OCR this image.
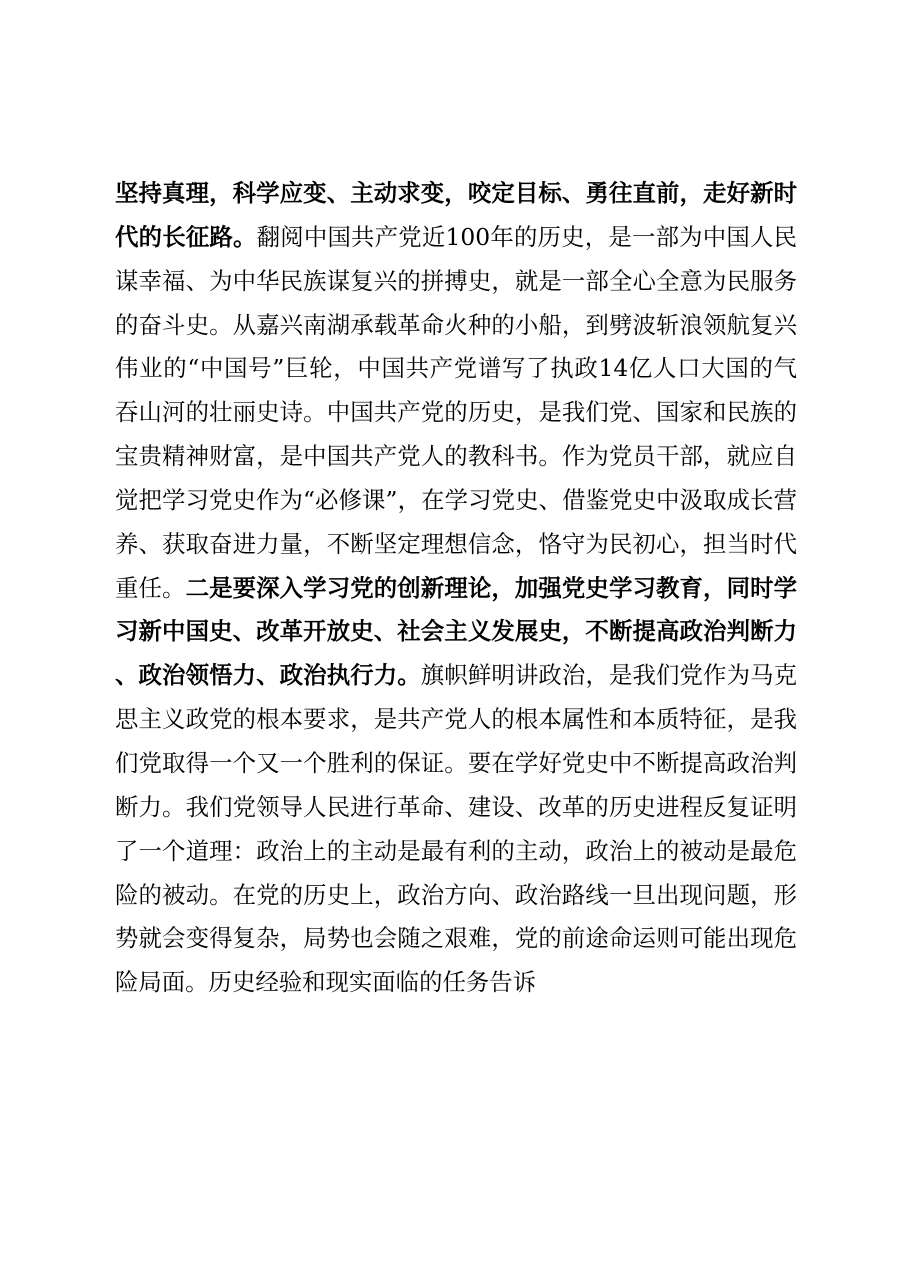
坚持真理，科学应变、主动求变，咬定目标、勇往直前，走好新时代的长征路。翻阅中国共产党近100年的历史，是一部为中国人民谋幸福、为中华民族谋复兴的拼搏史，就是一部全心全意为民服务的奋斗史。从嘉兴南湖承载革命火种的小船，到劈波斩浪领航复兴伟业的“中国号”巨轮，中国共产党谱写了执政14亿人口大国的气吞山河的壮丽史诗。中国共产党的历史，是我们党、国家和民族的宝贵精神财富，是中国共产党人的教科书。作为党员干部，就应自觉把学习党史作为“必修课”，在学习党史、借鉴党史中汲取成长营养、获取奋进力量，不断坚定理想信念，恪守为民初心，担当时代重任。二是要深入学习党的创新理论，加强党史学习教育，同时学习新中国史、改革开放史、社会主义发展史，不断提高政治判断力、政治领悟力、政治执行力。旗帜鲜明讲政治，是我们党作为马克思主义政党的根本要求，是共产党人的根本属性和本质特征，是我们党取得一个又一个胜利的保证。要在学好党史中不断提高政治判断力。我们党领导人民进行革命、建设、改革的历史进程反复证明了一个道理：政治上的主动是最有利的主动，政治上的被动是最危险的被动。在党的历史上，政治方向、政治路线一旦出现问题，形势就会变得复杂，局势也会随之艰难，党的前途命运则可能出现危险局面。历史经验和现实面临的任务告诉
